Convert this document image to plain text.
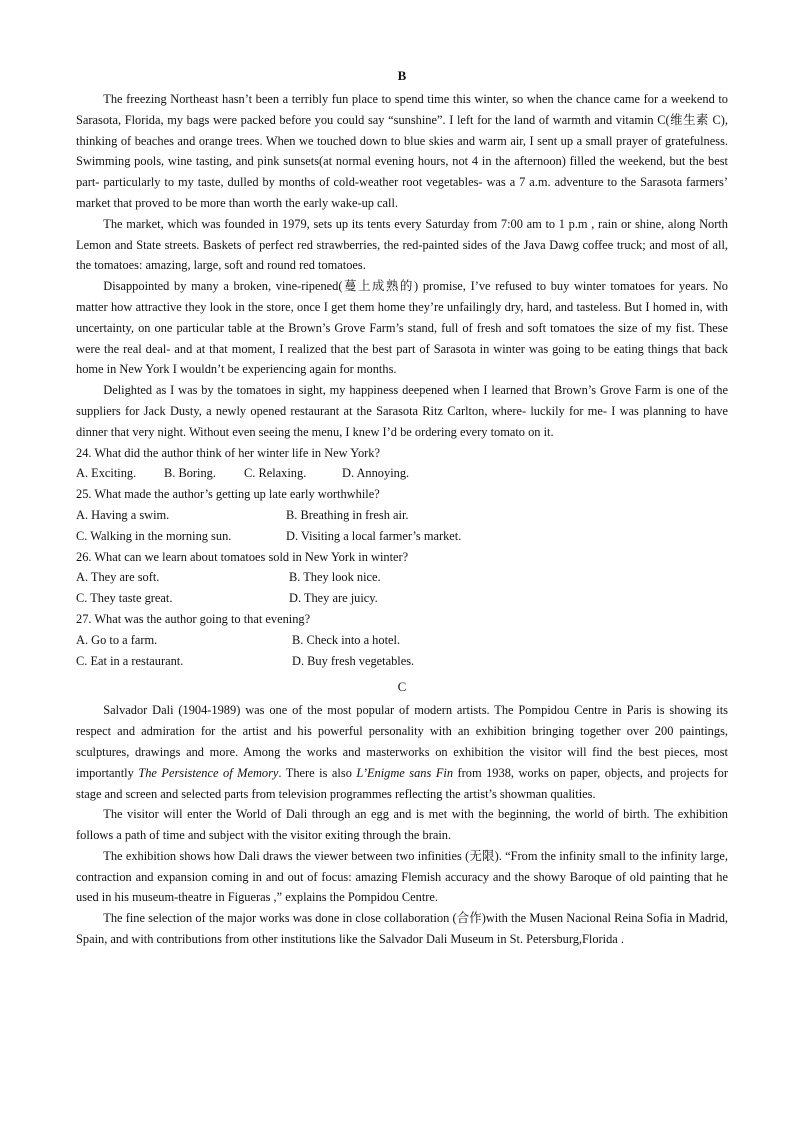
B

The freezing Northeast hasn’t been a terribly fun place to spend time this winter, so when the chance came for a weekend to Sarasota, Florida, my bags were packed before you could say “sunshine”. I left for the land of warmth and vitamin C(维生素 C), thinking of beaches and orange trees. When we touched down to blue skies and warm air, I sent up a small prayer of gratefulness. Swimming pools, wine tasting, and pink sunsets(at normal evening hours, not 4 in the afternoon) filled the weekend, but the best part- particularly to my taste, dulled by months of cold-weather root vegetables- was a 7 a.m. adventure to the Sarasota farmers’ market that proved to be more than worth the early wake-up call.

The market, which was founded in 1979, sets up its tents every Saturday from 7:00 am to 1 p.m , rain or shine, along North Lemon and State streets. Baskets of perfect red strawberries, the red-painted sides of the Java Dawg coffee truck; and most of all, the tomatoes: amazing, large, soft and round red tomatoes.

Disappointed by many a broken, vine-ripened(蔓上成熟的) promise, I’ve refused to buy winter tomatoes for years. No matter how attractive they look in the store, once I get them home they’re unfailingly dry, hard, and tasteless. But I homed in, with uncertainty, on one particular table at the Brown’s Grove Farm’s stand, full of fresh and soft tomatoes the size of my fist. These were the real deal- and at that moment, I realized that the best part of Sarasota in winter was going to be eating things that back home in New York I wouldn’t be experiencing again for months.

Delighted as I was by the tomatoes in sight, my happiness deepened when I learned that Brown’s Grove Farm is one of the suppliers for Jack Dusty, a newly opened restaurant at the Sarasota Ritz Carlton, where- luckily for me- I was planning to have dinner that very night. Without even seeing the menu, I knew I’d be ordering every tomato on it.

24. What did the author think of her winter life in New York?
A. Exciting.	B. Boring.	C. Relaxing.	D. Annoying.
25. What made the author’s getting up late early worthwhile?
A. Having a swim.	B. Breathing in fresh air.
C. Walking in the morning sun.	D. Visiting a local farmer’s market.
26. What can we learn about tomatoes sold in New York in winter?
A. They are soft.	B. They look nice.
C. They taste great.	D. They are juicy.
27. What was the author going to that evening?
A. Go to a farm.	B. Check into a hotel.
C. Eat in a restaurant.	D. Buy fresh vegetables.
C

Salvador Dali (1904-1989) was one of the most popular of modern artists. The Pompidou Centre in Paris is showing its respect and admiration for the artist and his powerful personality with an exhibition bringing together over 200 paintings, sculptures, drawings and more. Among the works and masterworks on exhibition the visitor will find the best pieces, most importantly The Persistence of Memory. There is also L’Enigme sans Fin from 1938, works on paper, objects, and projects for stage and screen and selected parts from television programmes reflecting the artist’s showman qualities.

The visitor will enter the World of Dali through an egg and is met with the beginning, the world of birth. The exhibition follows a path of time and subject with the visitor exiting through the brain.

The exhibition shows how Dali draws the viewer between two infinities (无限). “From the infinity small to the infinity large, contraction and expansion coming in and out of focus: amazing Flemish accuracy and the showy Baroque of old painting that he used in his museum-theatre in Figueras ,” explains the Pompidou Centre.

The fine selection of the major works was done in close collaboration (合作)with the Musen Nacional Reina Sofia in Madrid, Spain, and with contributions from other institutions like the Salvador Dali Museum in St. Petersburg,Florida .
